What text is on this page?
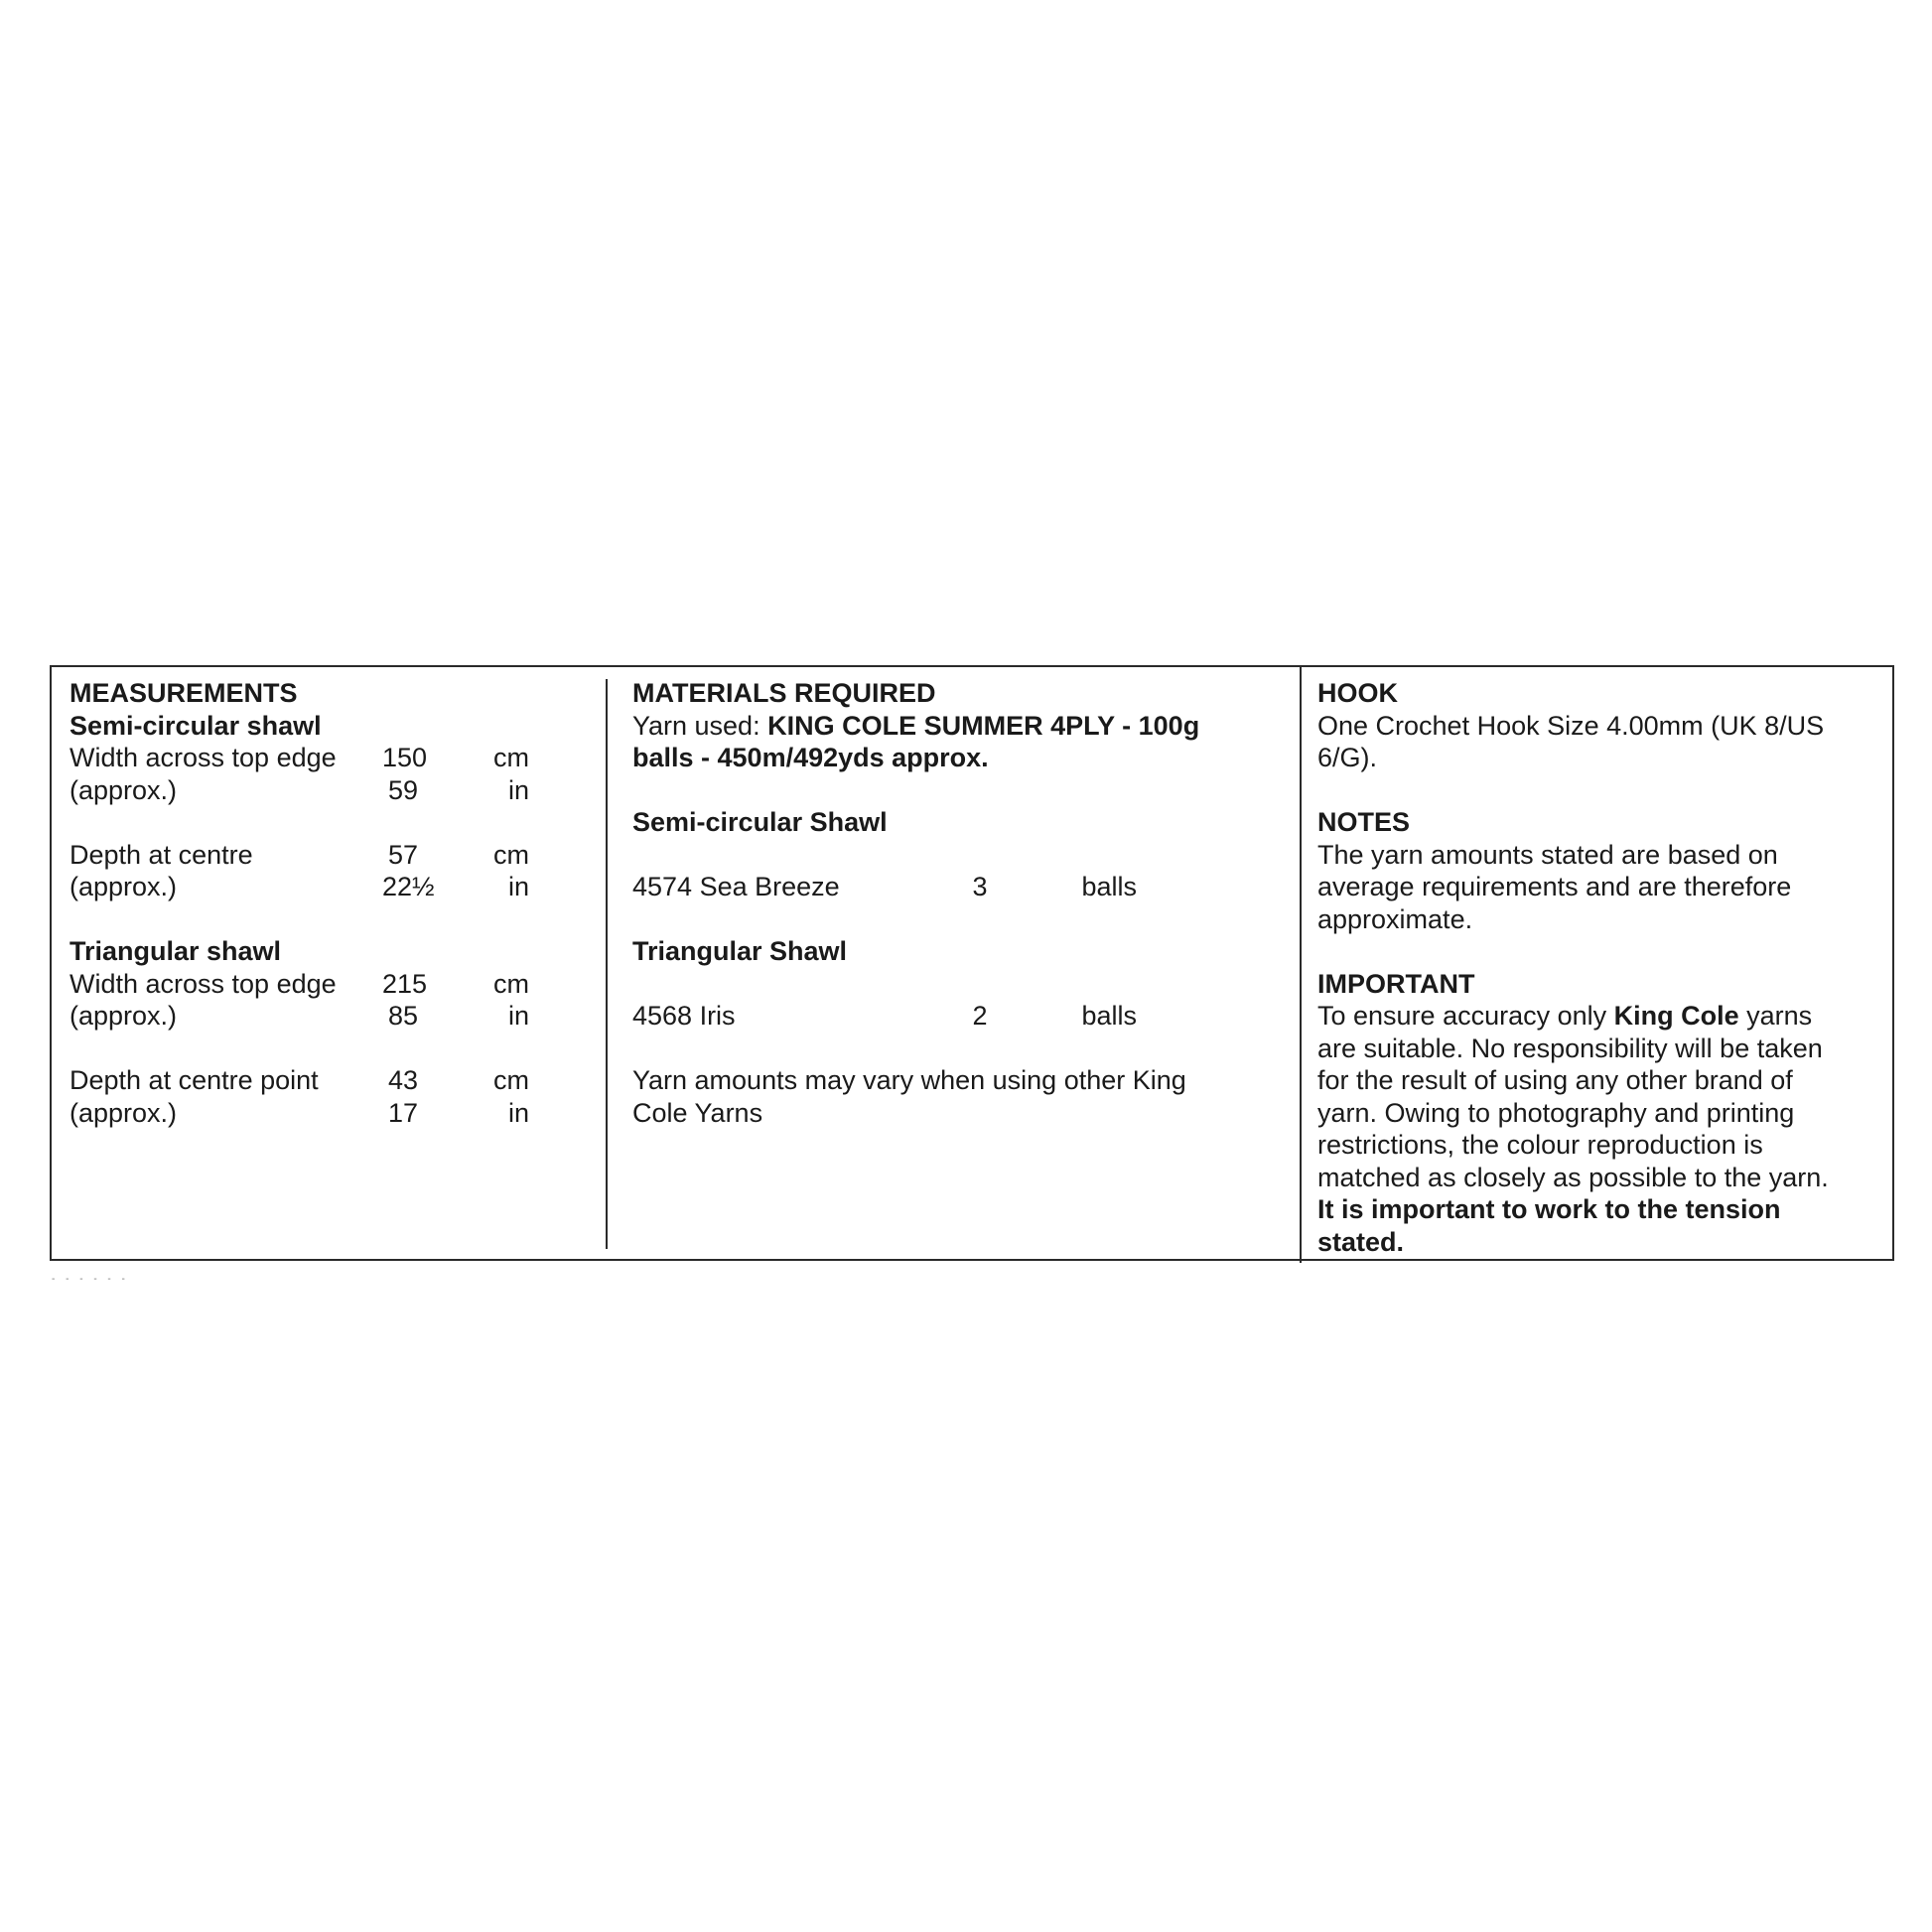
MEASUREMENTS
Semi-circular shawl
Width across top edge	150	cm
(approx.)	59	in
Depth at centre	57	cm
(approx.)	22½	in
Triangular shawl
Width across top edge	215	cm
(approx.)	85	in
Depth at centre point	43	cm
(approx.)	17	in
MATERIALS REQUIRED
Yarn used: KING COLE SUMMER 4PLY - 100g
balls - 450m/492yds approx.
Semi-circular Shawl
4574 Sea Breeze	3	balls
Triangular Shawl
4568 Iris	2	balls
Yarn amounts may vary when using other King
Cole Yarns
HOOK
One Crochet Hook Size 4.00mm (UK 8/US
6/G).
NOTES
The yarn amounts stated are based on
average requirements and are therefore
approximate.
IMPORTANT
To ensure accuracy only King Cole yarns
are suitable. No responsibility will be taken
for the result of using any other brand of
yarn. Owing to photography and printing
restrictions, the colour reproduction is
matched as closely as possible to the yarn.
It is important to work to the tension
stated.
- - - - - -
